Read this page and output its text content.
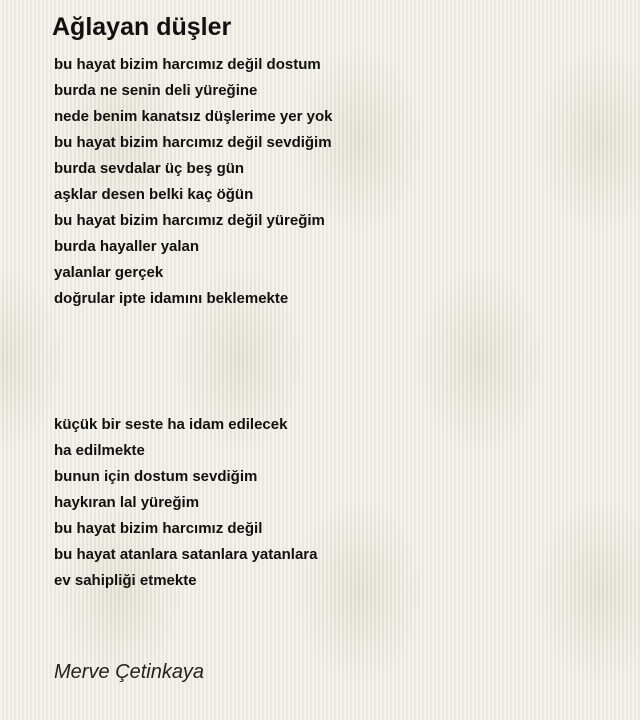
Ağlayan düşler
bu hayat bizim harcımız değil dostum
burda ne senin deli yüreğine
nede benim kanatsız düşlerime yer yok
bu hayat bizim harcımız değil sevdiğim
burda sevdalar üç beş gün
aşklar desen belki kaç öğün
bu hayat bizim harcımız değil yüreğim
burda hayaller yalan
yalanlar gerçek
doğrular ipte idamını beklemekte
küçük bir seste ha idam edilecek
ha edilmekte
bunun için dostum sevdiğim
haykıran lal yüreğim
bu hayat bizim harcımız değil
bu hayat atanlara satanlara yatanlara
ev sahipliği etmekte

Merve Çetinkaya
